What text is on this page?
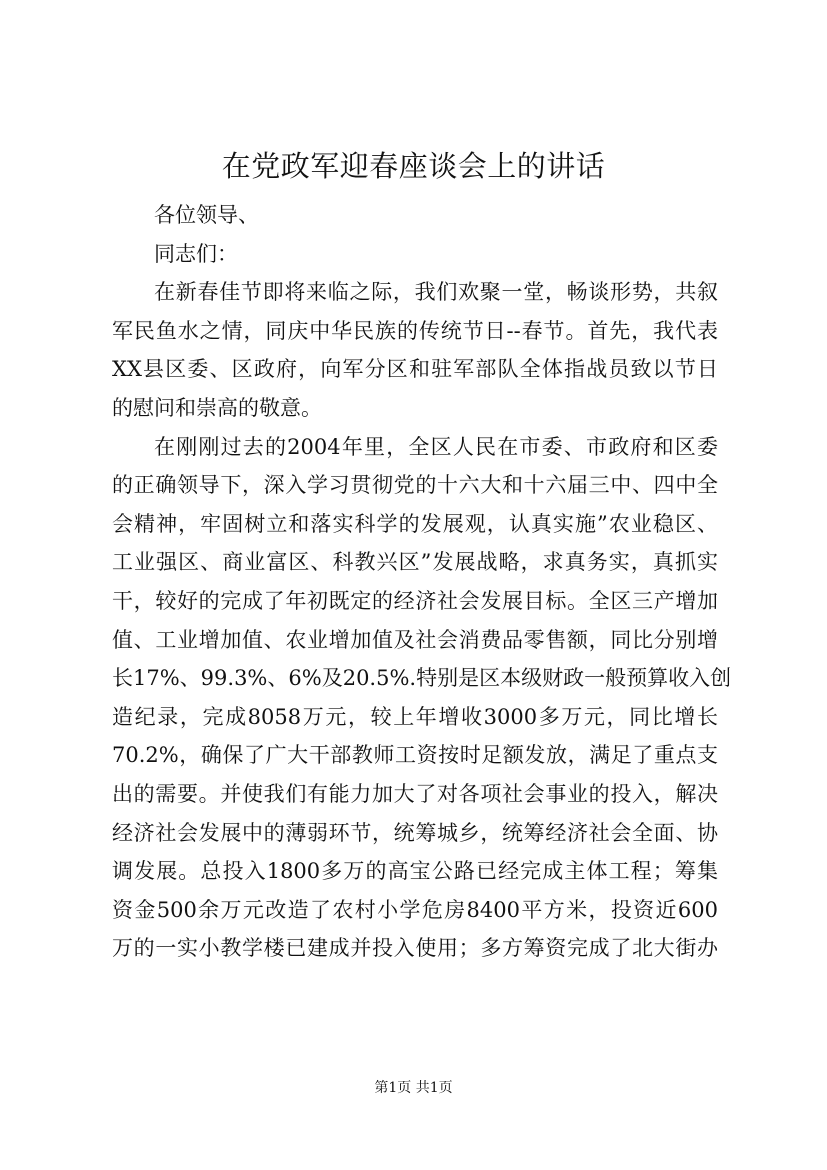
在党政军迎春座谈会上的讲话
各位领导、
同志们：
在新春佳节即将来临之际，我们欢聚一堂，畅谈形势，共叙
军民鱼水之情，同庆中华民族的传统节日--春节。首先，我代表
XX县区委、区政府，向军分区和驻军部队全体指战员致以节日
的慰问和崇高的敬意。
在刚刚过去的2004年里，全区人民在市委、市政府和区委
的正确领导下，深入学习贯彻党的十六大和十六届三中、四中全
会精神，牢固树立和落实科学的发展观，认真实施”农业稳区、
工业强区、商业富区、科教兴区”发展战略，求真务实，真抓实
干，较好的完成了年初既定的经济社会发展目标。全区三产增加
值、工业增加值、农业增加值及社会消费品零售额，同比分别增
长17%、99.3%、6%及20.5%.特别是区本级财政一般预算收入创
造纪录，完成8058万元，较上年增收3000多万元，同比增长
70.2%，确保了广大干部教师工资按时足额发放，满足了重点支
出的需要。并使我们有能力加大了对各项社会事业的投入，解决
经济社会发展中的薄弱环节，统筹城乡，统筹经济社会全面、协
调发展。总投入1800多万的高宝公路已经完成主体工程；筹集
资金500余万元改造了农村小学危房8400平方米，投资近600
万的一实小教学楼已建成并投入使用；多方筹资完成了北大街办
第1页 共1页
